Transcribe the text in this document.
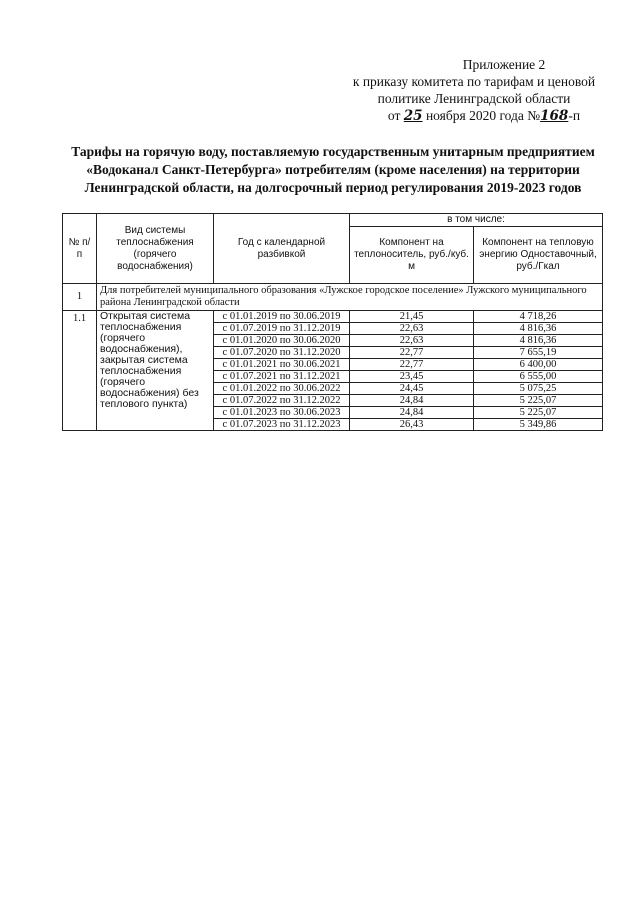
Приложение 2
к приказу комитета по тарифам и ценовой
политике Ленинградской области
от 25 ноября 2020 года №168-п
Тарифы на горячую воду, поставляемую государственным унитарным предприятием «Водоканал Санкт-Петербурга» потребителям (кроме населения) на территории Ленинградской области, на долгосрочный период регулирования 2019-2023 годов
№ п/п	Вид системы теплоснабжения (горячего водоснабжения)	Год с календарной разбивкой	в том числе:	
			Компонент на теплоноситель, руб./куб. м	Компонент на тепловую энергию Одноставочный, руб./Гкал
1	Для потребителей муниципального образования «Лужское городское поселение» Лужского муниципального района Ленинградской области			
1.1	Открытая система теплоснабжения (горячего водоснабжения), закрытая система теплоснабжения (горячего водоснабжения) без теплового пункта)	с 01.01.2019 по 30.06.2019	21,45	4 718,26
		с 01.07.2019 по 31.12.2019	22,63	4 816,36
		с 01.01.2020 по 30.06.2020	22,63	4 816,36
		с 01.07.2020 по 31.12.2020	22,77	7 655,19
		с 01.01.2021 по 30.06.2021	22,77	6 400,00
		с 01.07.2021 по 31.12.2021	23,45	6 555,00
		с 01.01.2022 по 30.06.2022	24,45	5 075,25
		с 01.07.2022 по 31.12.2022	24,84	5 225,07
		с 01.01.2023 по 30.06.2023	24,84	5 225,07
		с 01.07.2023 по 31.12.2023	26,43	5 349,86
